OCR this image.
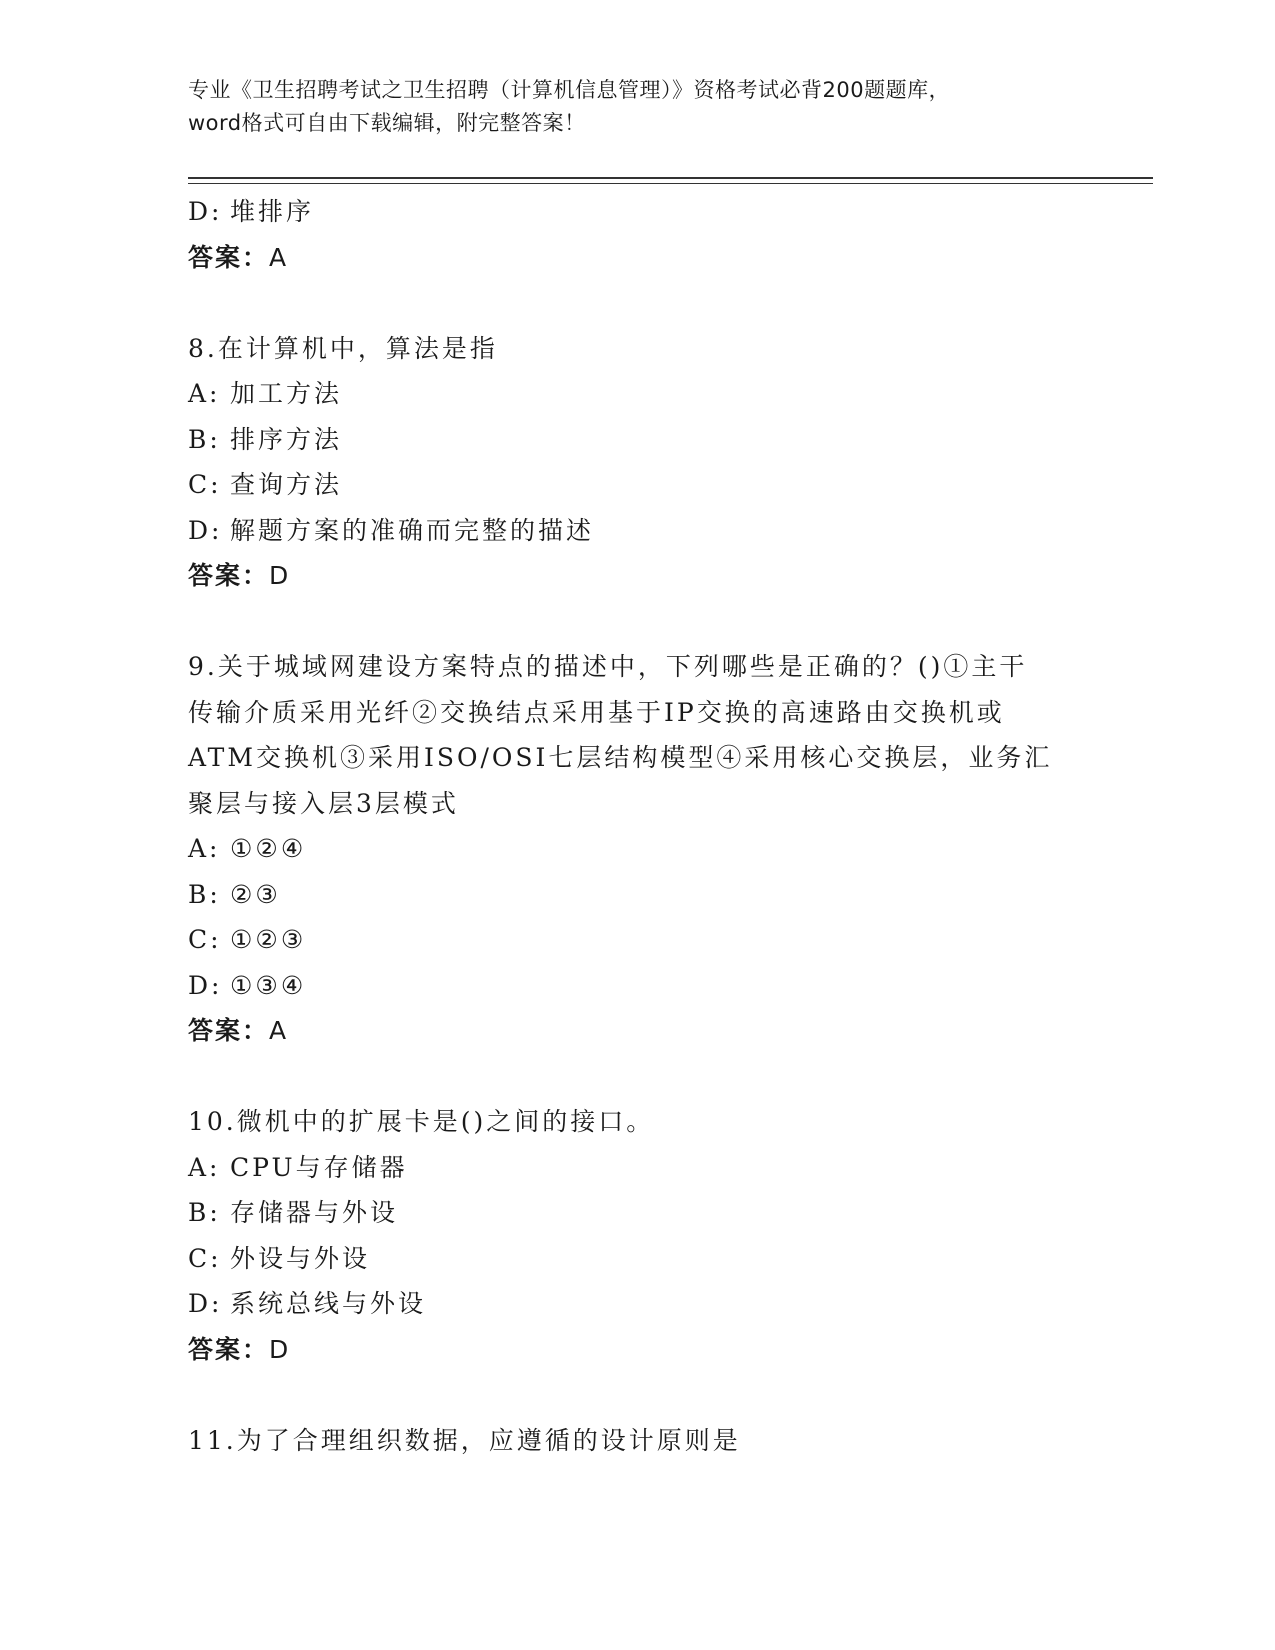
专业《卫生招聘考试之卫生招聘（计算机信息管理）》资格考试必背200题题库，
word格式可自由下载编辑，附完整答案！
D: 堆排序
答案：A
8.在计算机中，算法是指
A: 加工方法
B: 排序方法
C: 查询方法
D: 解题方案的准确而完整的描述
答案：D
9.关于城域网建设方案特点的描述中，下列哪些是正确的？()①主干
传输介质采用光纤②交换结点采用基于IP交换的高速路由交换机或
ATM交换机③采用ISO/OSI七层结构模型④采用核心交换层，业务汇
聚层与接入层3层模式
A: ①②④
B: ②③
C: ①②③
D: ①③④
答案：A
10.微机中的扩展卡是()之间的接口。
A: CPU与存储器
B: 存储器与外设
C: 外设与外设
D: 系统总线与外设
答案：D
11.为了合理组织数据，应遵循的设计原则是
